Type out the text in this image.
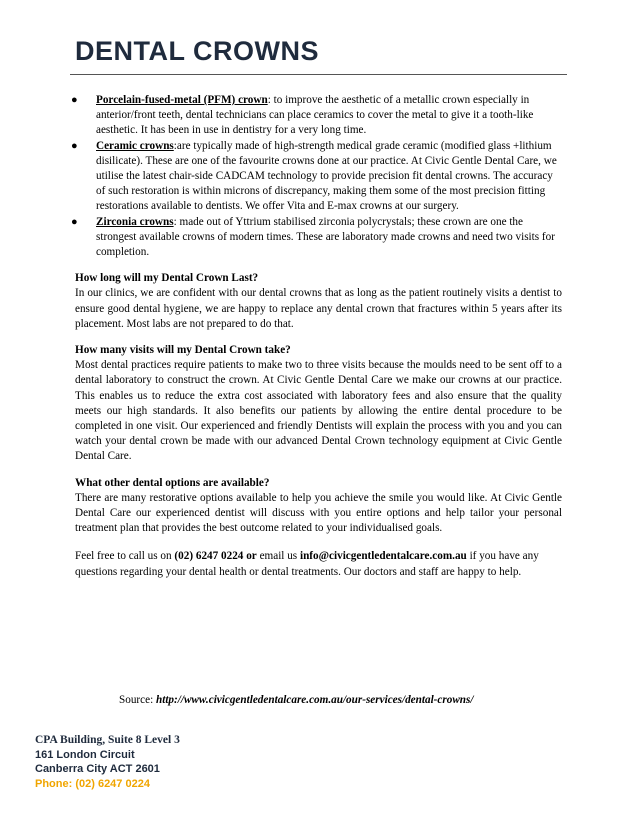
DENTAL CROWNS
● Porcelain-fused-metal (PFM) crown: to improve the aesthetic of a metallic crown especially in anterior/front teeth, dental technicians can place ceramics to cover the metal to give it a tooth-like aesthetic. It has been in use in dentistry for a very long time.
● Ceramic crowns:are typically made of high-strength medical grade ceramic (modified glass +lithium disilicate). These are one of the favourite crowns done at our practice. At Civic Gentle Dental Care, we utilise the latest chair-side CADCAM technology to provide precision fit dental crowns. The accuracy of such restoration is within microns of discrepancy, making them some of the most precision fitting restorations available to dentists. We offer Vita and E-max crowns at our surgery.
● Zirconia crowns: made out of Yttrium stabilised zirconia polycrystals; these crown are one the strongest available crowns of modern times. These are laboratory made crowns and need two visits for completion.
How long will my Dental Crown Last?
In our clinics, we are confident with our dental crowns that as long as the patient routinely visits a dentist to ensure good dental hygiene, we are happy to replace any dental crown that fractures within 5 years after its placement. Most labs are not prepared to do that.
How many visits will my Dental Crown take?
Most dental practices require patients to make two to three visits because the moulds need to be sent off to a dental laboratory to construct the crown. At Civic Gentle Dental Care we make our crowns at our practice. This enables us to reduce the extra cost associated with laboratory fees and also ensure that the quality meets our high standards. It also benefits our patients by allowing the entire dental procedure to be completed in one visit. Our experienced and friendly Dentists will explain the process with you and you can watch your dental crown be made with our advanced Dental Crown technology equipment at Civic Gentle Dental Care.
What other dental options are available?
There are many restorative options available to help you achieve the smile you would like. At Civic Gentle Dental Care our experienced dentist will discuss with you entire options and help tailor your personal treatment plan that provides the best outcome related to your individualised goals.
Feel free to call us on (02) 6247 0224 or email us info@civicgentledentalcare.com.au if you have any questions regarding your dental health or dental treatments. Our doctors and staff are happy to help.
Source: http://www.civicgentledentalcare.com.au/our-services/dental-crowns/
CPA Building, Suite 8 Level 3
161 London Circuit
Canberra City ACT 2601
Phone: (02) 6247 0224
